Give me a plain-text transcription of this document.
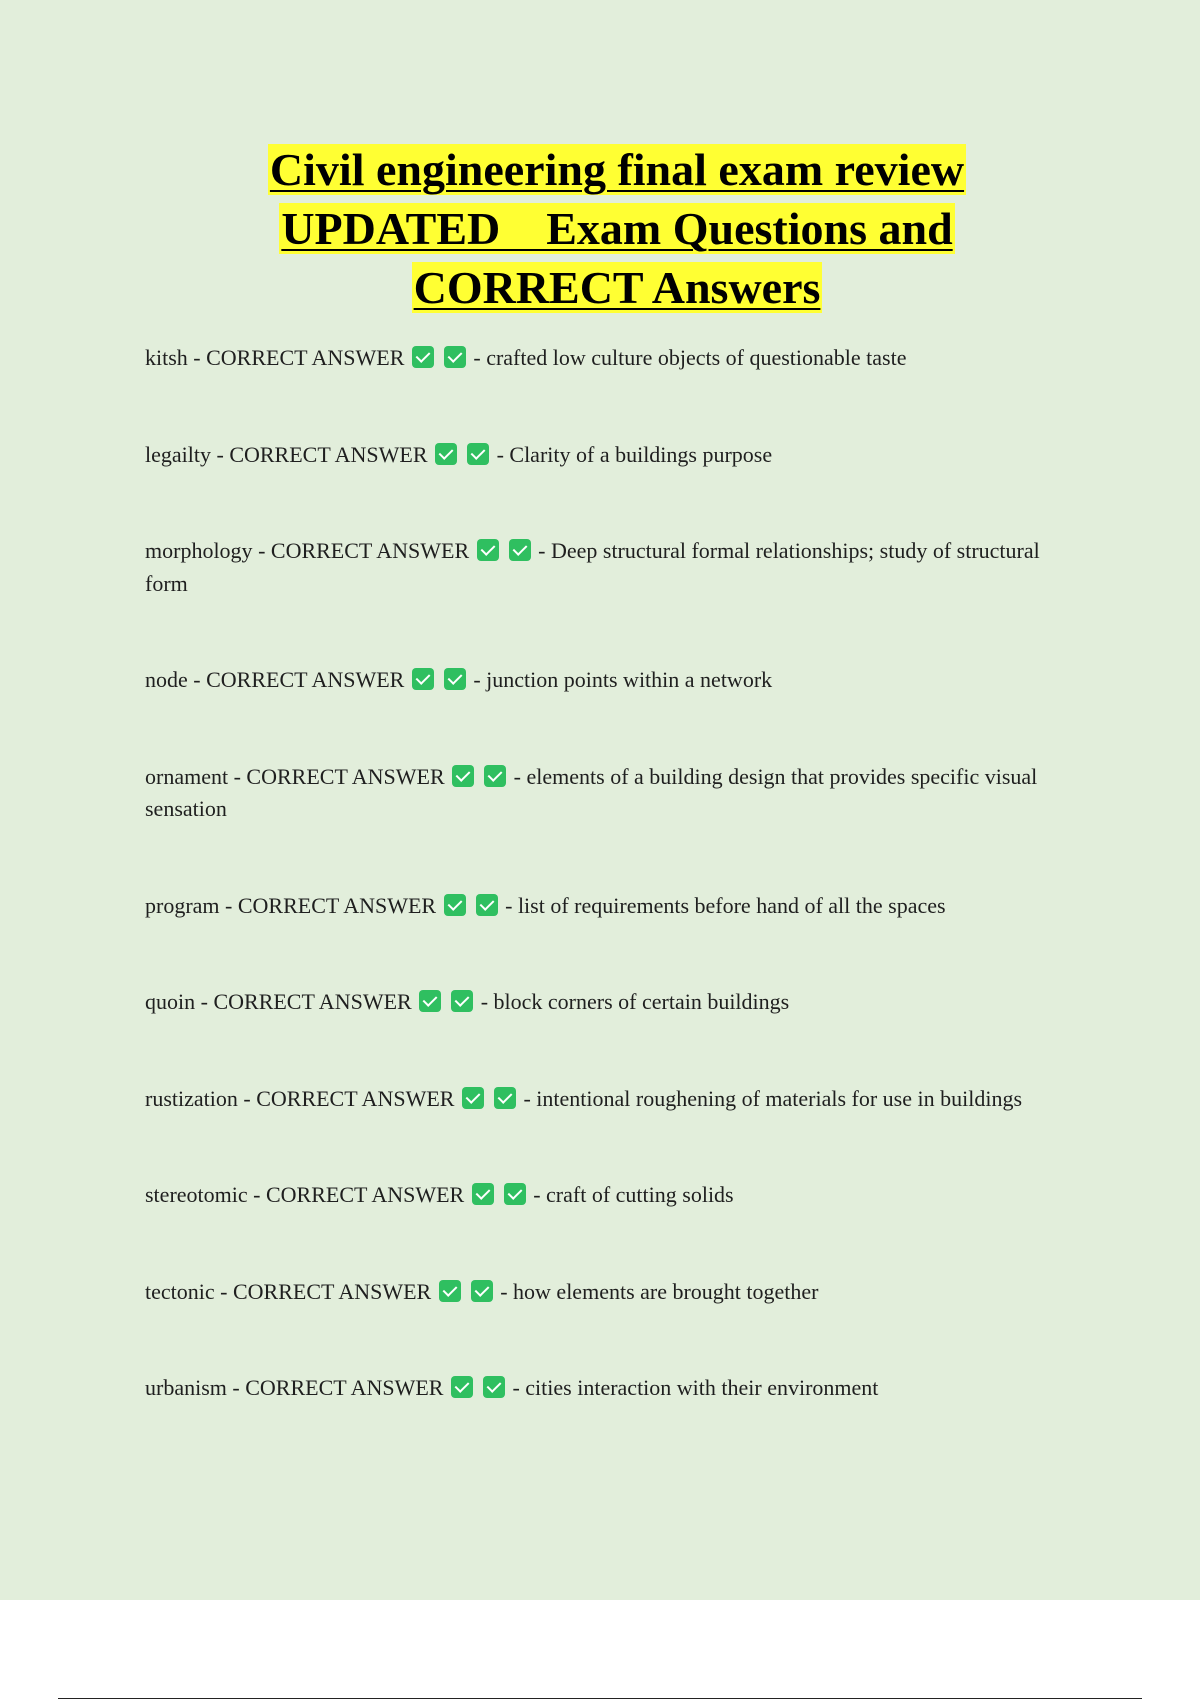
Civil engineering final exam review
UPDATED    Exam Questions and
CORRECT Answers
kitsh - CORRECT ANSWER	- crafted low culture objects of questionable taste
legailty - CORRECT ANSWER	- Clarity of a buildings purpose
morphology - CORRECT ANSWER	- Deep structural formal relationships; study of structural form
node - CORRECT ANSWER	- junction points within a network
ornament - CORRECT ANSWER	- elements of a building design that provides specific visual sensation
program - CORRECT ANSWER	- list of requirements before hand of all the spaces
quoin - CORRECT ANSWER	- block corners of certain buildings
rustization - CORRECT ANSWER	- intentional roughening of materials for use in buildings
stereotomic - CORRECT ANSWER	- craft of cutting solids
tectonic - CORRECT ANSWER	- how elements are brought together
urbanism - CORRECT ANSWER	- cities interaction with their environment
